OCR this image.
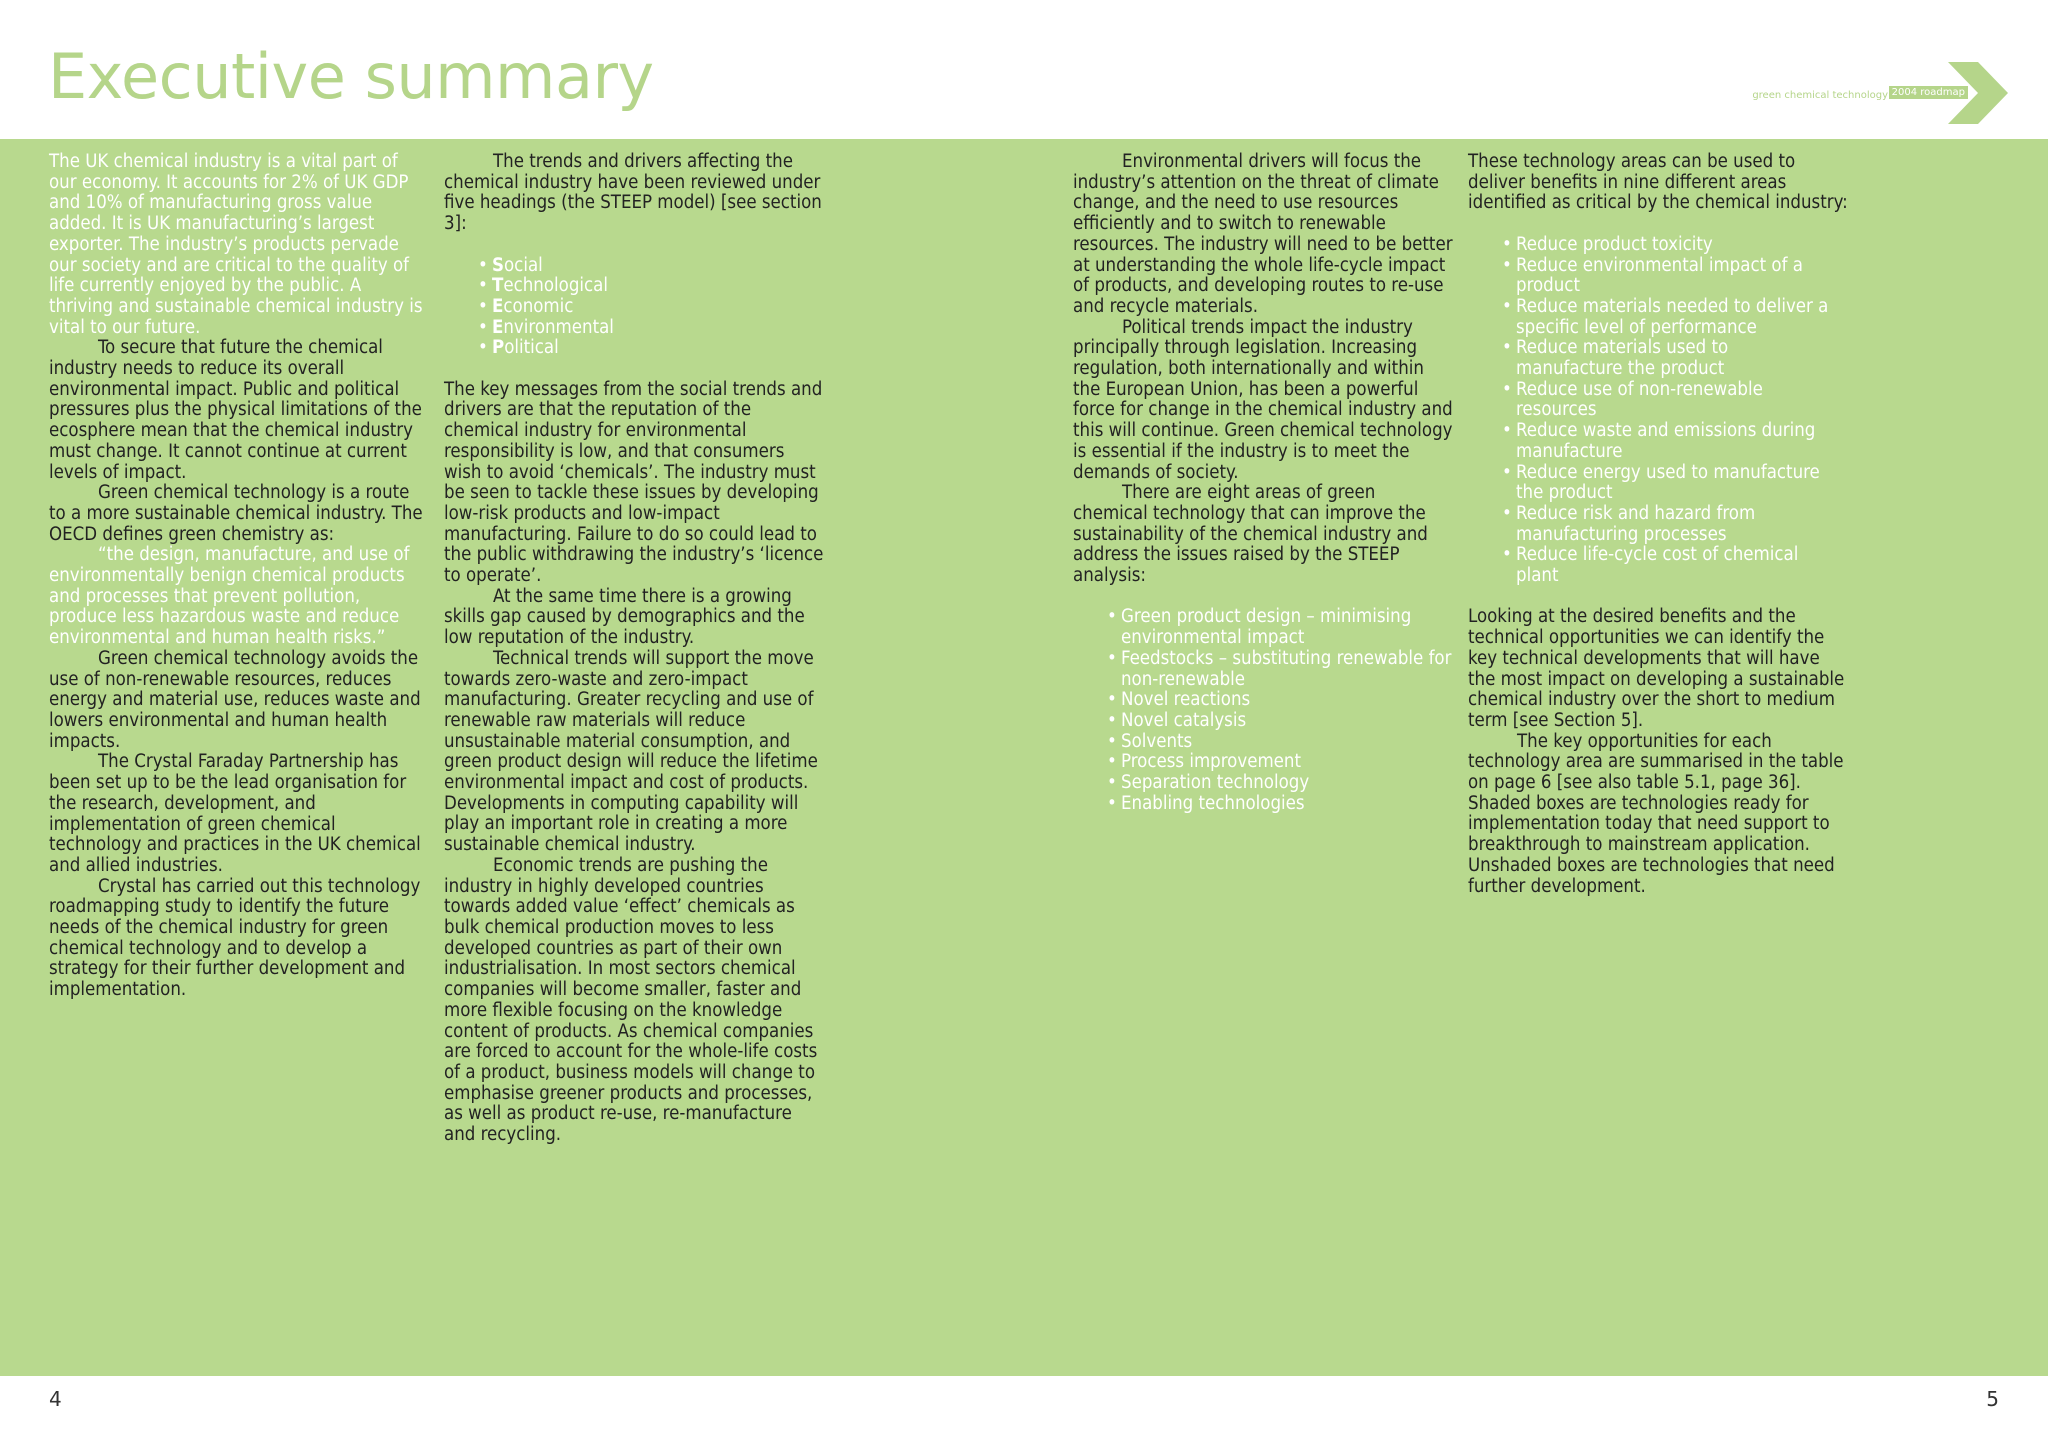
Executive summary	green chemical technology 2004 roadmap

The UK chemical industry is a vital part of our economy. It accounts for 2% of UK GDP and 10% of manufacturing gross value added. It is UK manufacturing’s largest exporter. The industry’s products pervade our society and are critical to the quality of life currently enjoyed by the public. A thriving and sustainable chemical industry is vital to our future.

To secure that future the chemical industry needs to reduce its overall environmental impact. Public and political pressures plus the physical limitations of the ecosphere mean that the chemical industry must change. It cannot continue at current levels of impact.

Green chemical technology is a route to a more sustainable chemical industry. The OECD defines green chemistry as:

“the design, manufacture, and use of environmentally benign chemical products and processes that prevent pollution, produce less hazardous waste and reduce environmental and human health risks.”

Green chemical technology avoids the use of non-renewable resources, reduces energy and material use, reduces waste and lowers environmental and human health impacts.

The Crystal Faraday Partnership has been set up to be the lead organisation for the research, development, and implementation of green chemical technology and practices in the UK chemical and allied industries.

Crystal has carried out this technology roadmapping study to identify the future needs of the chemical industry for green chemical technology and to develop a strategy for their further development and implementation.

The trends and drivers affecting the chemical industry have been reviewed under five headings (the STEEP model) [see section 3]:

• Social
• Technological
• Economic
• Environmental
• Political

The key messages from the social trends and drivers are that the reputation of the chemical industry for environmental responsibility is low, and that consumers wish to avoid ‘chemicals’. The industry must be seen to tackle these issues by developing low-risk products and low-impact manufacturing. Failure to do so could lead to the public withdrawing the industry’s ‘licence to operate’.

At the same time there is a growing skills gap caused by demographics and the low reputation of the industry.

Technical trends will support the move towards zero-waste and zero-impact manufacturing. Greater recycling and use of renewable raw materials will reduce unsustainable material consumption, and green product design will reduce the lifetime environmental impact and cost of products. Developments in computing capability will play an important role in creating a more sustainable chemical industry.

Economic trends are pushing the industry in highly developed countries towards added value ‘effect’ chemicals as bulk chemical production moves to less developed countries as part of their own industrialisation. In most sectors chemical companies will become smaller, faster and more flexible focusing on the knowledge content of products. As chemical companies are forced to account for the whole-life costs of a product, business models will change to emphasise greener products and processes, as well as product re-use, re-manufacture and recycling.

Environmental drivers will focus the industry’s attention on the threat of climate change, and the need to use resources efficiently and to switch to renewable resources. The industry will need to be better at understanding the whole life-cycle impact of products, and developing routes to re-use and recycle materials.

Political trends impact the industry principally through legislation. Increasing regulation, both internationally and within the European Union, has been a powerful force for change in the chemical industry and this will continue. Green chemical technology is essential if the industry is to meet the demands of society.

There are eight areas of green chemical technology that can improve the sustainability of the chemical industry and address the issues raised by the STEEP analysis:

• Green product design – minimising environmental impact
• Feedstocks – substituting renewable for non-renewable
• Novel reactions
• Novel catalysis
• Solvents
• Process improvement
• Separation technology
• Enabling technologies

These technology areas can be used to deliver benefits in nine different areas identified as critical by the chemical industry:

• Reduce product toxicity
• Reduce environmental impact of a product
• Reduce materials needed to deliver a specific level of performance
• Reduce materials used to manufacture the product
• Reduce use of non-renewable resources
• Reduce waste and emissions during manufacture
• Reduce energy used to manufacture the product
• Reduce risk and hazard from manufacturing processes
• Reduce life-cycle cost of chemical plant

Looking at the desired benefits and the technical opportunities we can identify the key technical developments that will have the most impact on developing a sustainable chemical industry over the short to medium term [see Section 5].

The key opportunities for each technology area are summarised in the table on page 6 [see also table 5.1, page 36]. Shaded boxes are technologies ready for implementation today that need support to breakthrough to mainstream application. Unshaded boxes are technologies that need further development.

4	5
